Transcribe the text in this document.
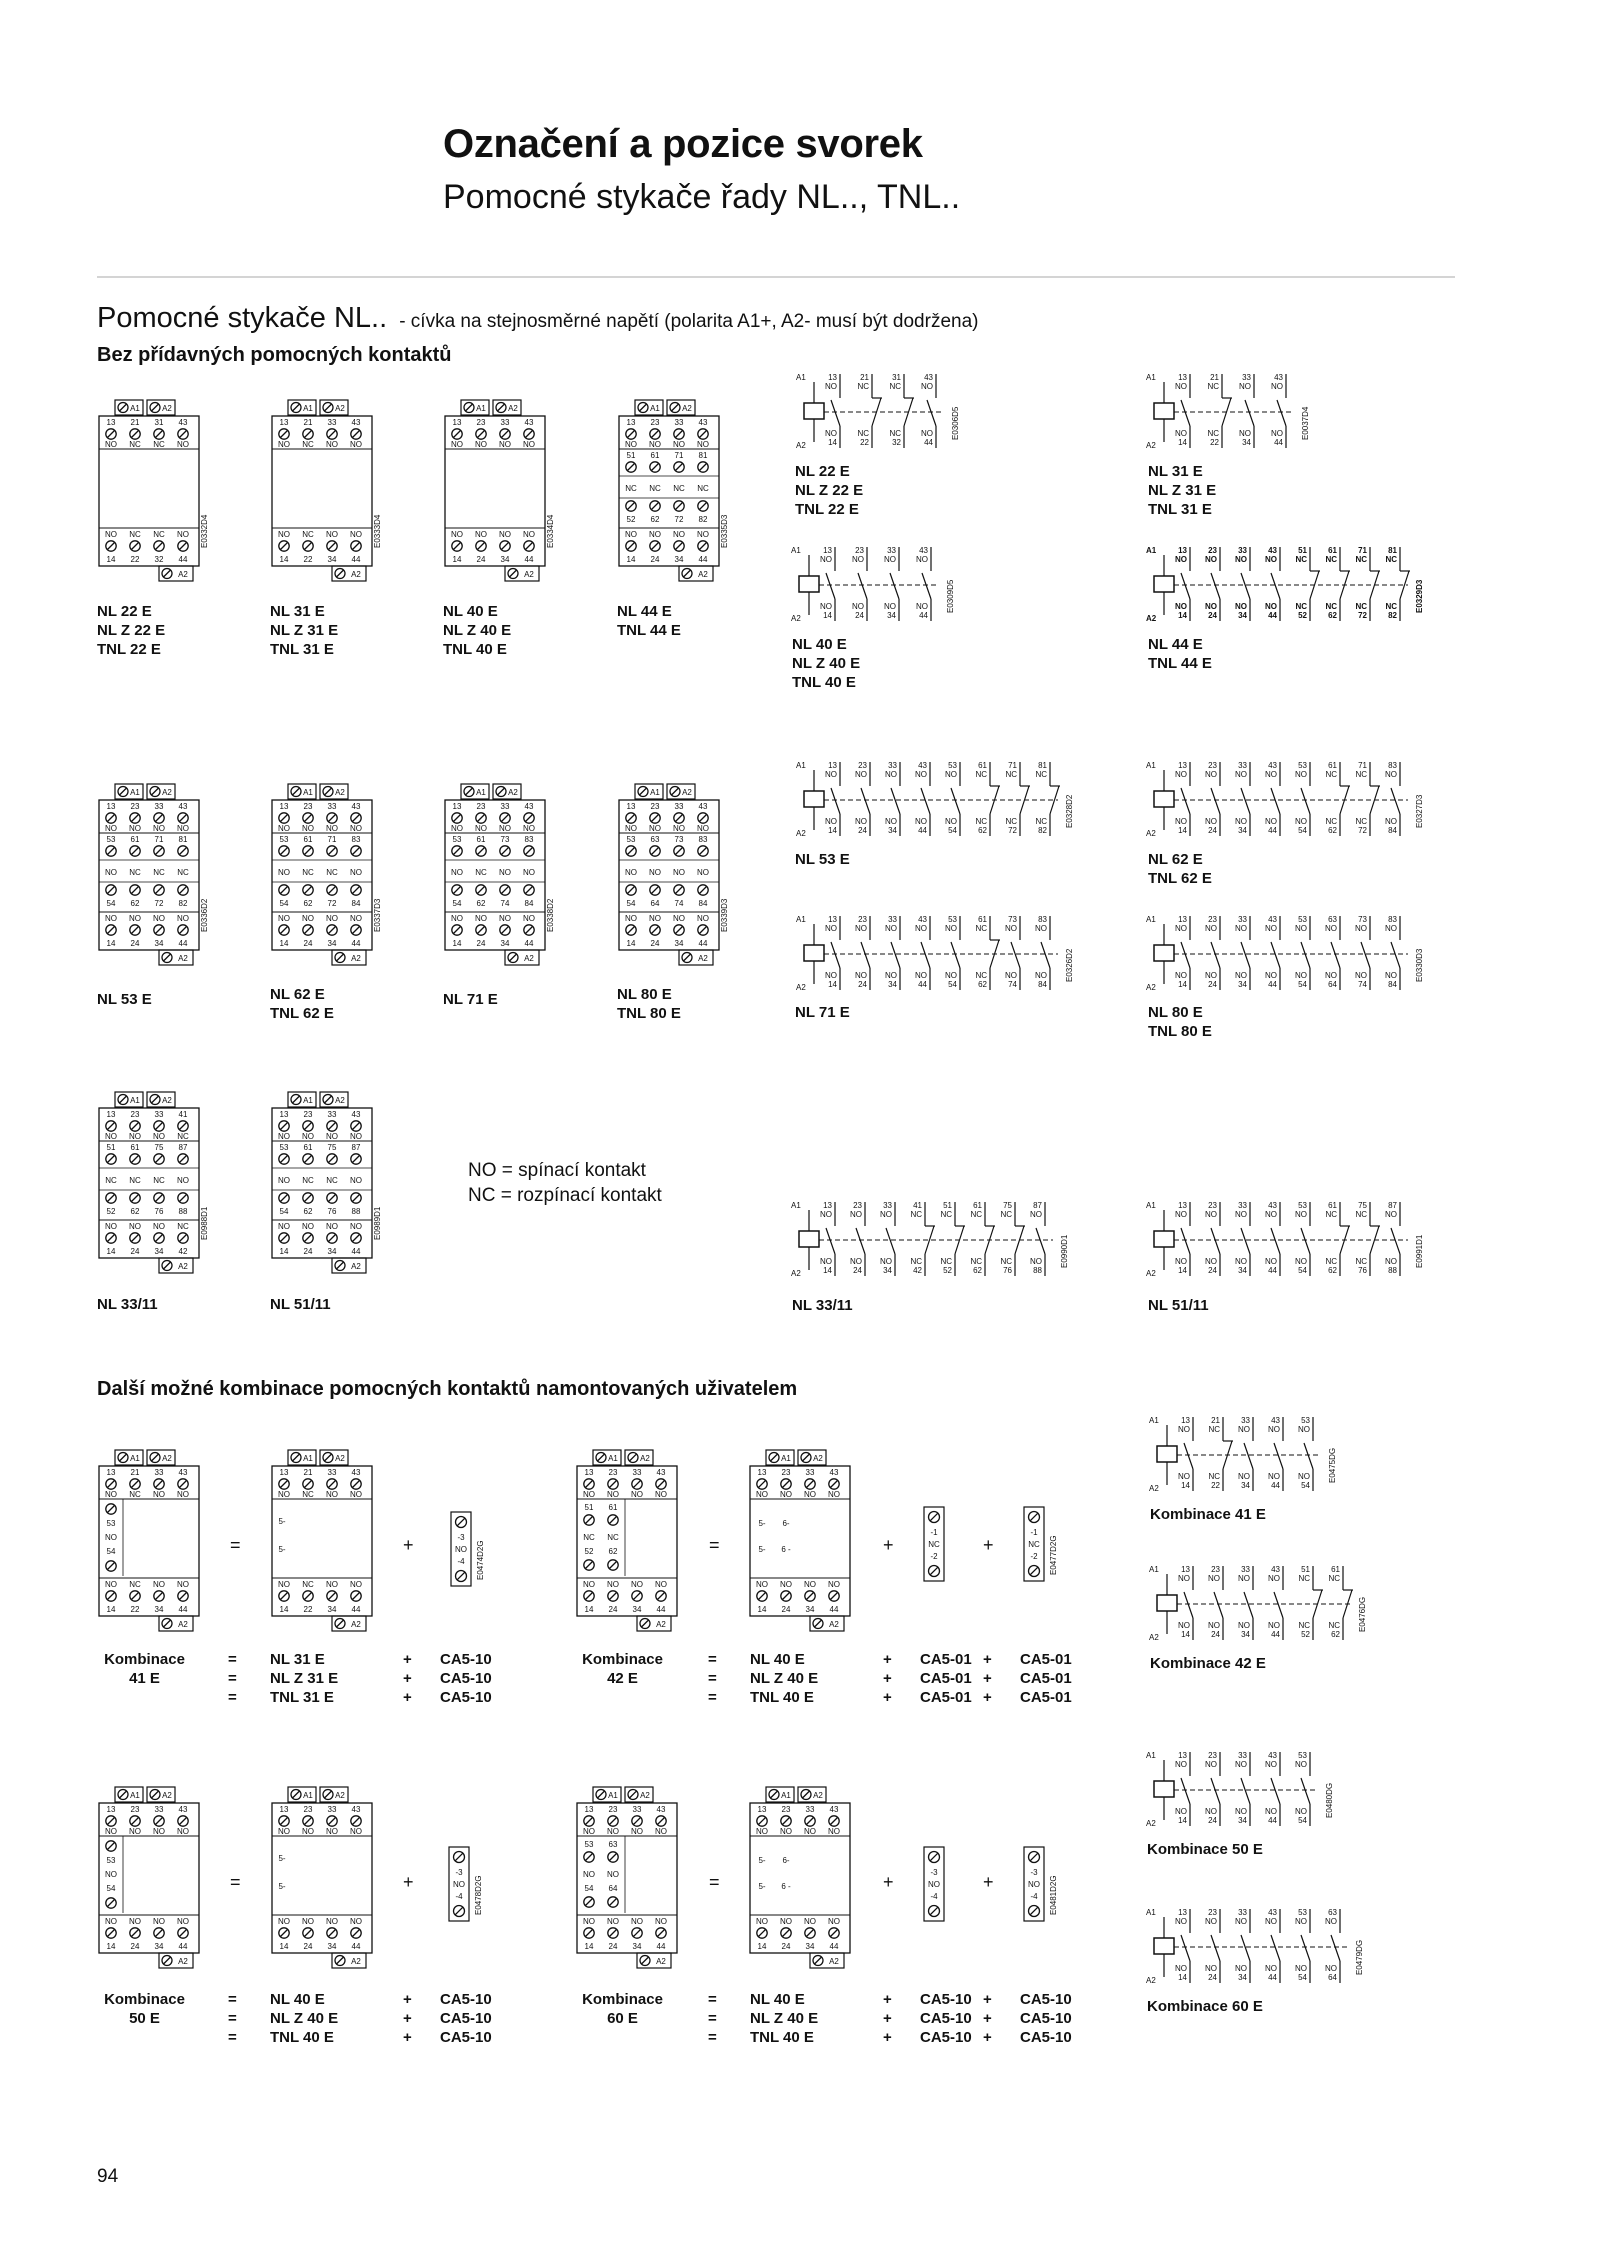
Označení a pozice svorek
Pomocné stykače řady NL.., TNL..
Pomocné stykače NL.. - cívka na stejnosměrné napětí (polarita A1+, A2- musí být dodržena)
Bez přídavných pomocných kontaktů
Další možné kombinace pomocných kontaktů namontovaných uživatelem
NO = spínací kontakt
NC = rozpínací kontakt
94
A1	A2
13
NO
21
NC
31
NC
43
NO
NO
14
NC
22
NC
32
NO
44
A2
E0332D4
A1	A2
13
NO
21
NC
33
NO
43
NO
NO
14
NC
22
NO
34
NO
44
A2
E0333D4
A1	A2
13
NO
23
NO
33
NO
43
NO
NO
14
NO
24
NO
34
NO
44
A2
E0334D4
A1	A2
13
NO
23
NO
33
NO
43
NO
51 61 71 81
NC NC NC NC
52 62 72 82
NO
14
NO
24
NO
34
NO
44
A2
E0335D3
A1	A2
13
NO
23
NO
33
NO
43
NO
53 61 71 81
NO NC NC NC
54 62 72 82
NO
14
NO
24
NO
34
NO
44
A2
E0336D2
A1	A2
13
NO
23
NO
33
NO
43
NO
53 61 71 83
NO NC NC NO
54 62 72 84
NO
14
NO
24
NO
34
NO
44
A2
E0337D3
A1	A2
13
NO
23
NO
33
NO
43
NO
53 61 73 83
NO NC NO NO
54 62 74 84
NO
14
NO
24
NO
34
NO
44
A2
E0338D2
A1	A2
13
NO
23
NO
33
NO
43
NO
53 63 73 83
NO NO NO NO
54 64 74 84
NO
14
NO
24
NO
34
NO
44
A2
E0339D3
A1	A2
13
NO
23
NO
33
NO
41
NC
51 61 75 87
NC NC NC NO
52 62 76 88
NO
14
NO
24
NO
34
NC
42
A2
E0988D1
A1	A2
13
NO
23
NO
33
NO
43
NO
53 61 75 87
NO NC NC NO
54 62 76 88
NO
14
NO
24
NO
34
NO
44
A2
E0989D1
NL 22 E
NL Z 22 E
TNL 22 E
NL 31 E
NL Z 31 E
TNL 31 E
NL 40 E
NL Z 40 E
TNL 40 E
NL 44 E
TNL 44 E
NL 53 E	NL 62 E
TNL 62 E
NL 71 E	NL 80 E
TNL 80 E
NL 33/11	NL 51/11
A1
A2
13
NO
NO
14
21
NC
NC
22
31
NC
NC
32
43
NO
NO
44
E0306D5
A1
A2
13
NO
NO
14
21
NC
NC
22
33
NO
NO
34
43
NO
NO
44
E0037D4
A1
A2
13
NO
NO
14
23
NO
NO
24
33
NO
NO
34
43
NO
NO
44
E0309D5
A1
A2
13
NO
NO
14
23
NO
NO
24
33
NO
NO
34
43
NO
NO
44
51
NC
NC
52
61
NC
NC
62
71
NC
NC
72
81
NC
NC
82
E0329D3
A1
A2
13
NO
NO
14
23
NO
NO
24
33
NO
NO
34
43
NO
NO
44
53
NO
NO
54
61
NC
NC
62
71
NC
NC
72
81
NC
NC
82
E0328D2
A1
A2
13
NO
NO
14
23
NO
NO
24
33
NO
NO
34
43
NO
NO
44
53
NO
NO
54
61
NC
NC
62
71
NC
NC
72
83
NO
NO
84
E0327D3
A1
A2
13
NO
NO
14
23
NO
NO
24
33
NO
NO
34
43
NO
NO
44
53
NO
NO
54
61
NC
NC
62
73
NO
NO
74
83
NO
NO
84
E0326D2
A1
A2
13
NO
NO
14
23
NO
NO
24
33
NO
NO
34
43
NO
NO
44
53
NO
NO
54
63
NO
NO
64
73
NO
NO
74
83
NO
NO
84
E0330D3
A1
A2
13
NO
NO
14
23
NO
NO
24
33
NO
NO
34
41
NC
NC
42
51
NC
NC
52
61
NC
NC
62
75
NC
NC
76
87
NO
NO
88
E0990D1
A1
A2
13
NO
NO
14
23
NO
NO
24
33
NO
NO
34
43
NO
NO
44
53
NO
NO
54
61
NC
NC
62
75
NC
NC
76
87
NO
NO
88
E0991D1
A1
A2
13
NO
NO
14
21
NC
NC
22
33
NO
NO
34
43
NO
NO
44
53
NO
NO
54
E0475DG
A1
A2
13
NO
NO
14
23
NO
NO
24
33
NO
NO
34
43
NO
NO
44
51
NC
NC
52
61
NC
NC
62
E0476DG
A1
A2
13
NO
NO
14
23
NO
NO
24
33
NO
NO
34
43
NO
NO
44
53
NO
NO
54
E0480DG
A1
A2
13
NO
NO
14
23
NO
NO
24
33
NO
NO
34
43
NO
NO
44
53
NO
NO
54
63
NO
NO
64
E0479DG
NL 22 E
NL Z 22 E
TNL 22 E
NL 31 E
NL Z 31 E
TNL 31 E
NL 40 E
NL Z 40 E
TNL 40 E
NL 44 E
TNL 44 E
NL 53 E	NL 62 E
TNL 62 E
NL 71 E	NL 80 E
TNL 80 E
NL 33/11	NL 51/11
Kombinace 41 E
Kombinace 42 E
Kombinace 50 E
Kombinace 60 E
A1	A2
13
NO
21
NC
33
NO
43
NO
53
NO
54
NO
14
NC
22
NO
34
NO
44
A2
A1	A2
13
NO
21
NC
33
NO
43
NO
5-
5-
NO
14
NC
22
NO
34
NO
44
A2
-3
NO
-4 E0474D2G
=	+
A1	A2
13
NO
23
NO
33
NO
43
NO
51
NC
52
61
NC
62
NO
14
NO
24
NO
34
NO
44
A2
A1	A2
13
NO
23
NO
33
NO
43
NO
5- 6-
5- 6 -
NO
14
NO
24
NO
34
NO
44
A2
-1
NC
-2
-1
NC
-2 E0477D2G
=	+	+
A1	A2
13
NO
23
NO
33
NO
43
NO
53
NO
54
NO
14
NO
24
NO
34
NO
44
A2
A1	A2
13
NO
23
NO
33
NO
43
NO
5-
5-
NO
14
NO
24
NO
34
NO
44
A2
-3
NO
-4 E0478D2G
=	+
A1	A2
13
NO
23
NO
33
NO
43
NO
53
NO
54
63
NO
64
NO
14
NO
24
NO
34
NO
44
A2
A1	A2
13
NO
23
NO
33
NO
43
NO
5- 6-
5- 6 -
NO
14
NO
24
NO
34
NO
44
A2
-3
NO
-4
-3
NO
-4 E0481D2G
=	+	+
Kombinace
41 E
= NL 31 E	+ CA5-10
= NL Z 31 E	+ CA5-10
= TNL 31 E	+ CA5-10
Kombinace
42 E
= NL 40 E	+ CA5-01 + CA5-01
= NL Z 40 E	+ CA5-01 + CA5-01
= TNL 40 E	+ CA5-01 + CA5-01
Kombinace
50 E
= NL 40 E	+ CA5-10
= NL Z 40 E	+ CA5-10
= TNL 40 E	+ CA5-10
Kombinace
60 E
= NL 40 E	+ CA5-10 + CA5-10
= NL Z 40 E	+ CA5-10 + CA5-10
= TNL 40 E	+ CA5-10 + CA5-10
